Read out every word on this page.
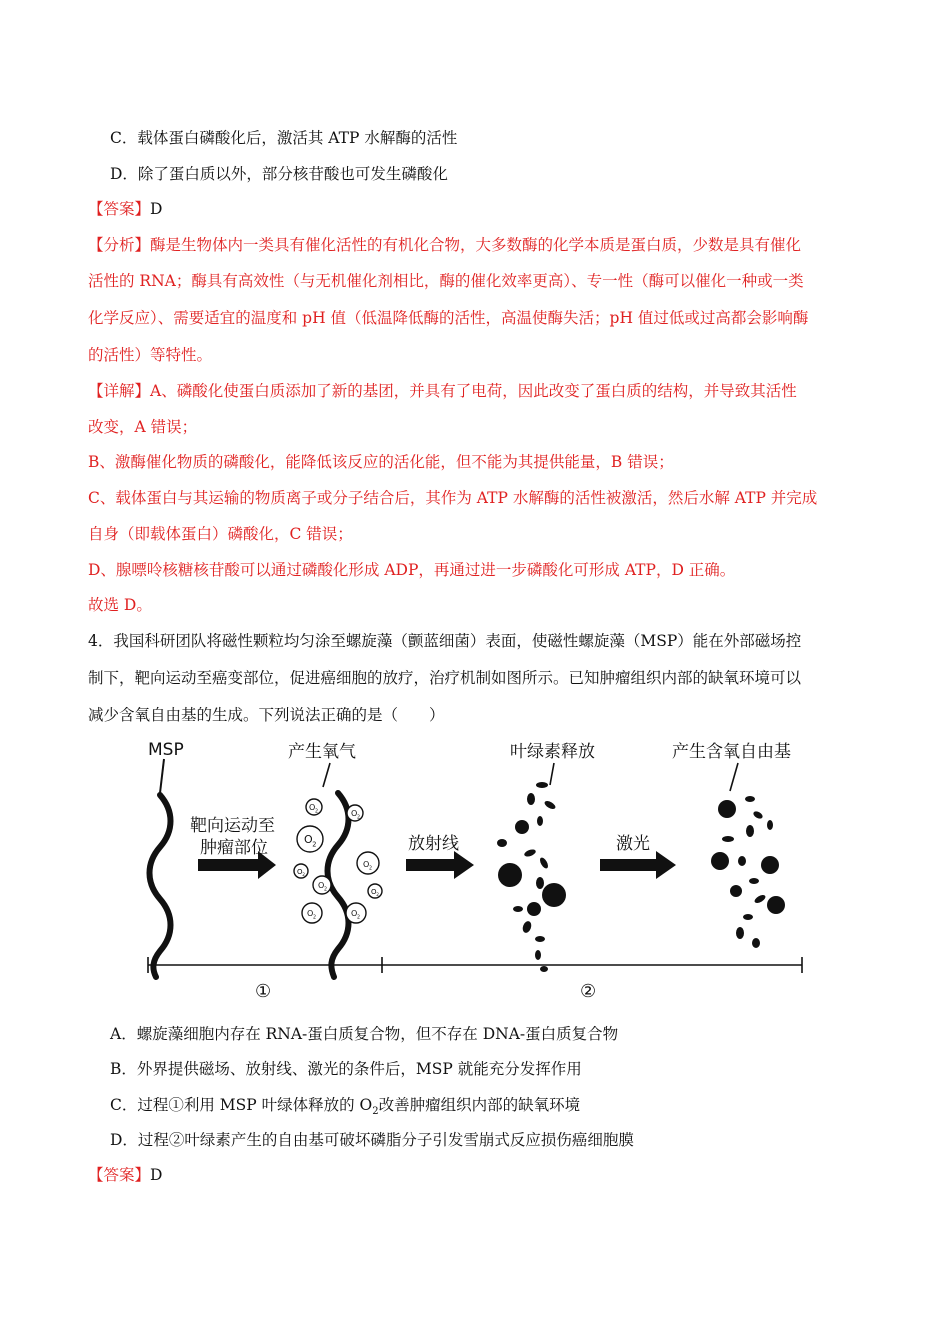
C．载体蛋白磷酸化后，激活其 ATP 水解酶的活性
D．除了蛋白质以外，部分核苷酸也可发生磷酸化
【答案】D
【分析】酶是生物体内一类具有催化活性的有机化合物，大多数酶的化学本质是蛋白质，少数是具有催化
活性的 RNA；酶具有高效性（与无机催化剂相比，酶的催化效率更高）、专一性（酶可以催化一种或一类
化学反应）、需要适宜的温度和 pH 值（低温降低酶的活性，高温使酶失活；pH 值过低或过高都会影响酶
的活性）等特性。
【详解】A、磷酸化使蛋白质添加了新的基团，并具有了电荷，因此改变了蛋白质的结构，并导致其活性
改变，A 错误；
B、激酶催化物质的磷酸化，能降低该反应的活化能，但不能为其提供能量，B 错误；
C、载体蛋白与其运输的物质离子或分子结合后，其作为 ATP 水解酶的活性被激活，然后水解 ATP 并完成
自身（即载体蛋白）磷酸化，C 错误；
D、腺嘌呤核糖核苷酸可以通过磷酸化形成 ADP，再通过进一步磷酸化可形成 ATP，D 正确。
故选 D。
4．我国科研团队将磁性颗粒均匀涂至螺旋藻（颤蓝细菌）表面，使磁性螺旋藻（MSP）能在外部磁场控
制下，靶向运动至癌变部位，促进癌细胞的放疗，治疗机制如图所示。已知肿瘤组织内部的缺氧环境可以
减少含氧自由基的生成。下列说法正确的是（　　）
MSP
靶向运动至
肿瘤部位
产生氧气
O
O
O
O
O
O
O
O	O
2
2
2
2
2
2
2
2	2
放射线
叶绿素释放
激光
产生含氧自由基
①	②
A．螺旋藻细胞内存在 RNA-蛋白质复合物，但不存在 DNA-蛋白质复合物
B．外界提供磁场、放射线、激光的条件后，MSP 就能充分发挥作用
C．过程①利用 MSP 叶绿体释放的 $O_2$改善肿瘤组织内部的缺氧环境
D．过程②叶绿素产生的自由基可破坏磷脂分子引发雪崩式反应损伤癌细胞膜
【答案】D
